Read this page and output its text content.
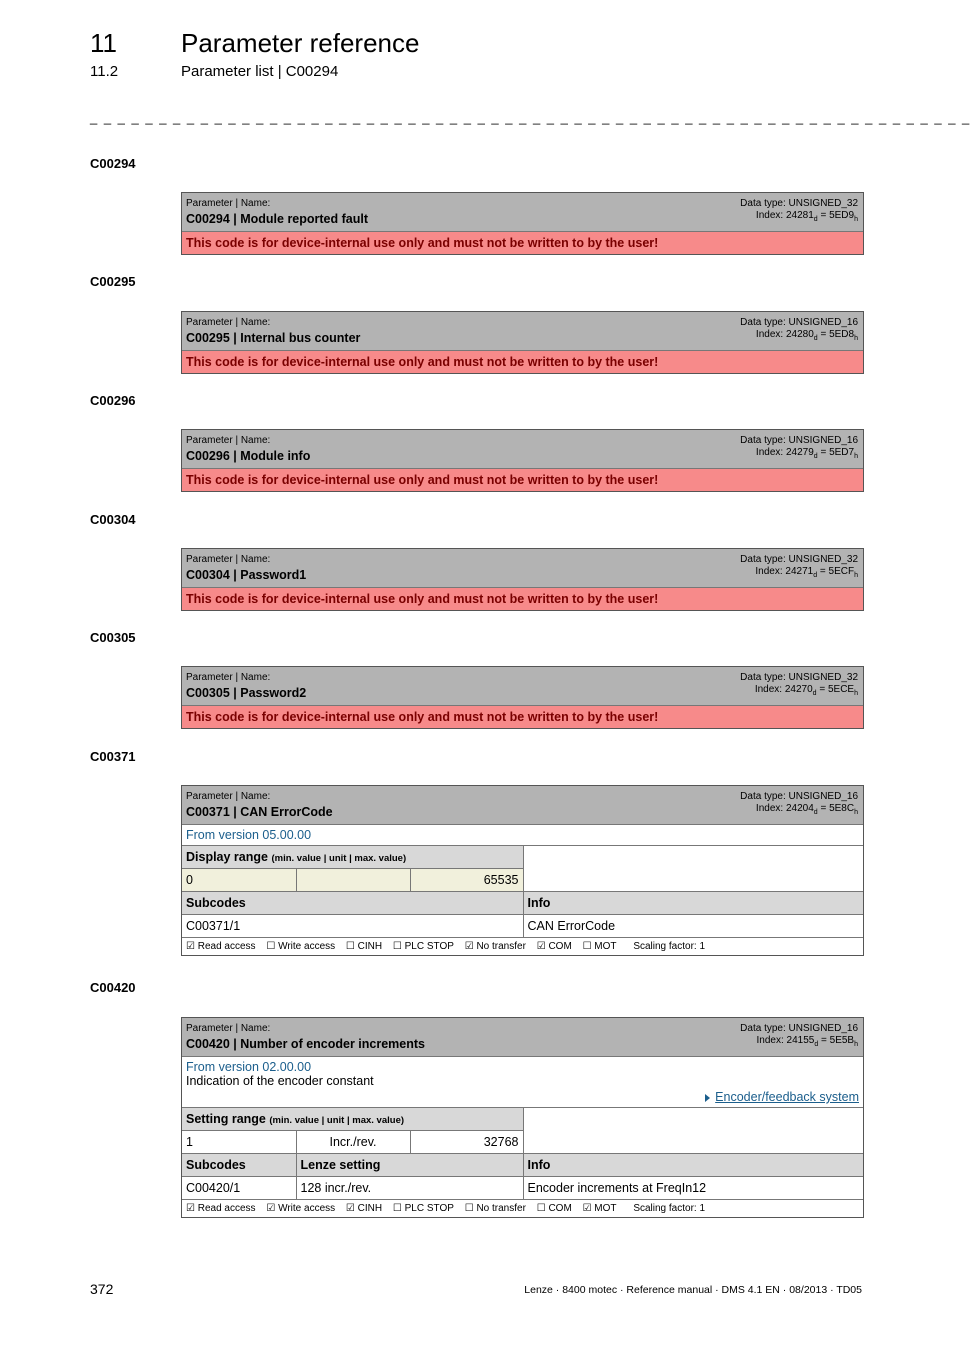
11 Parameter reference
11.2	Parameter list | C00294
_ _ _ _ _ _ _ _ _ _ _ _ _ _ _ _ _ _ _ _ _ _ _ _ _ _ _ _ _ _ _ _ _ _ _ _ _ _ _ _ _ _ _ _ _ _ _ _ _ _ _ _ _ _ _ _ _ _ _ _ _ _ _ _
C00294
Parameter | Name:
C00294 | Module reported fault
Data type: UNSIGNED_32
Index: $24281_d = 5ED9_h$
This code is for device-internal use only and must not be written to by the user!
C00295
Parameter | Name:
C00295 | Internal bus counter
Data type: UNSIGNED_16
Index: $24280_d = 5ED8_h$
This code is for device-internal use only and must not be written to by the user!
C00296
Parameter | Name:
C00296 | Module info
Data type: UNSIGNED_16
Index: $24279_d = 5ED7_h$
This code is for device-internal use only and must not be written to by the user!
C00304
Parameter | Name:
C00304 | Password1
Data type: UNSIGNED_32
Index: $24271_d = 5ECF_h$
This code is for device-internal use only and must not be written to by the user!
C00305
Parameter | Name:
C00305 | Password2
Data type: UNSIGNED_32
Index: $24270_d = 5ECE_h$
This code is for device-internal use only and must not be written to by the user!
C00371
Parameter | Name:
C00371 | CAN ErrorCode
Data type: UNSIGNED_16
Index: $24204_d = 5E8C_h$
From version 05.00.00
Display range (min. value | unit | max. value)			
0		65535	
Subcodes			Info
C00371/1			CAN ErrorCode
☑ Read access ☐ Write access ☐ CINH ☐ PLC STOP ☑ No transfer ☑ COM ☐ MOT Scaling factor: 1
C00420
Parameter | Name:
C00420 | Number of encoder increments
Data type: UNSIGNED_16
Index: $24155_d = 5E5B_h$
From version 02.00.00
Indication of the encoder constant
Encoder/feedback system
Setting range (min. value | unit | max. value)			
1	Incr./rev.	32768	
Subcodes	Lenze setting		Info
C00420/1	128 incr./rev.		Encoder increments at FreqIn12
☑ Read access ☑ Write access ☑ CINH ☐ PLC STOP ☐ No transfer ☐ COM ☑ MOT Scaling factor: 1
372	Lenze · 8400 motec · Reference manual · DMS 4.1 EN · 08/2013 · TD05
